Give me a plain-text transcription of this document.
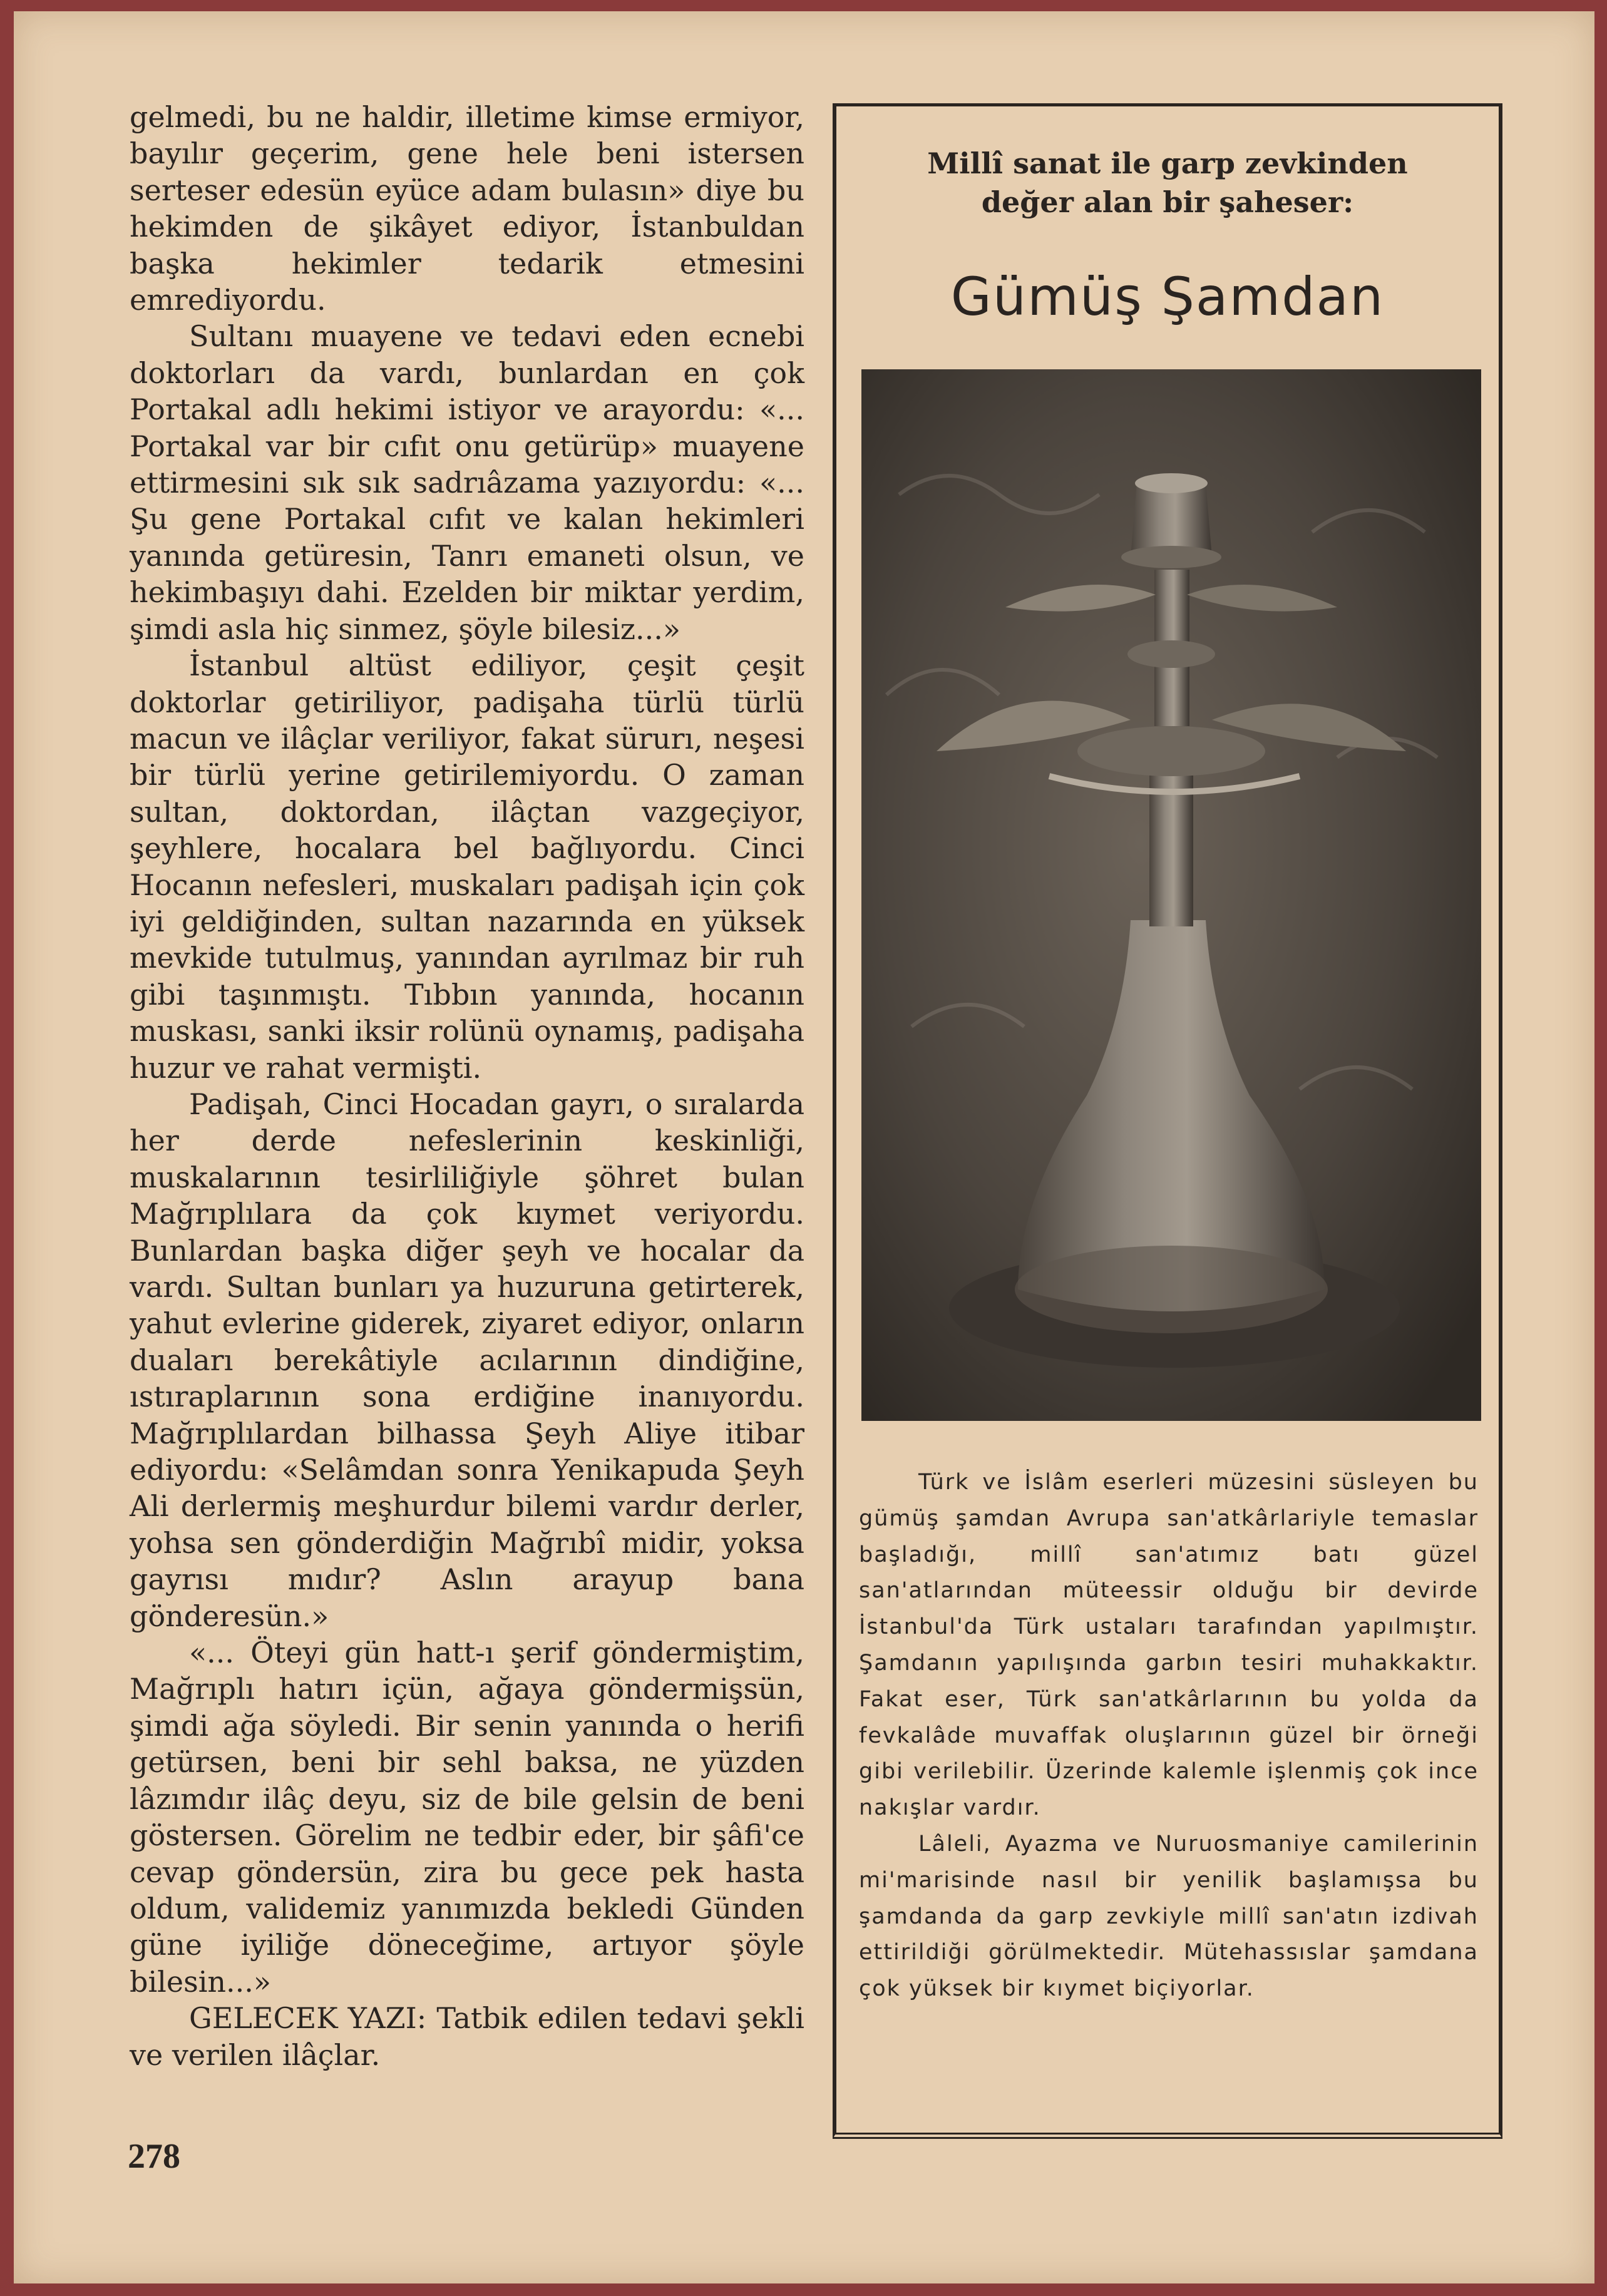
gelmedi, bu ne haldir, illetime kimse ermiyor, bayılır geçerim, gene hele beni istersen serteser edesün eyüce adam bulasın» diye bu hekimden de şikâyet ediyor, İstanbuldan başka hekimler tedarik etmesini emrediyordu.

Sultanı muayene ve tedavi eden ecnebi doktorları da vardı, bunlardan en çok Portakal adlı hekimi istiyor ve arayordu: «... Portakal var bir cıfıt onu getürüp» muayene ettirmesini sık sık sadrıâzama yazıyordu: «... Şu gene Portakal cıfıt ve kalan hekimleri yanında getüresin, Tanrı emaneti olsun, ve hekimbaşıyı dahi. Ezelden bir miktar yerdim, şimdi asla hiç sinmez, şöyle bilesiz...»

İstanbul altüst ediliyor, çeşit çeşit doktorlar getiriliyor, padişaha türlü türlü macun ve ilâçlar veriliyor, fakat sürurı, neşesi bir türlü yerine getirilemiyordu. O zaman sultan, doktordan, ilâçtan vazgeçiyor, şeyhlere, hocalara bel bağlıyordu. Cinci Hocanın nefesleri, muskaları padişah için çok iyi geldiğinden, sultan nazarında en yüksek mevkide tutulmuş, yanından ayrılmaz bir ruh gibi taşınmıştı. Tıbbın yanında, hocanın muskası, sanki iksir rolünü oynamış, padişaha huzur ve rahat vermişti.

Padişah, Cinci Hocadan gayrı, o sıralarda her derde nefeslerinin keskinliği, muskalarının tesirliliğiyle şöhret bulan Mağrıplılara da çok kıymet veriyordu. Bunlardan başka diğer şeyh ve hocalar da vardı. Sultan bunları ya huzuruna getirterek, yahut evlerine giderek, ziyaret ediyor, onların duaları berekâtiyle acılarının dindiğine, ıstıraplarının sona erdiğine inanıyordu. Mağrıplılardan bilhassa Şeyh Aliye itibar ediyordu: «Selâmdan sonra Yenikapuda Şeyh Ali derlermiş meşhurdur bilemi vardır derler, yohsa sen gönderdiğin Mağrıbî midir, yoksa gayrısı mıdır? Aslın arayup bana gönderesün.»

«... Öteyi gün hatt-ı şerif göndermiştim, Mağrıplı hatırı içün, ağaya göndermişsün, şimdi ağa söyledi. Bir senin yanında o herifi getürsen, beni bir sehl baksa, ne yüzden lâzımdır ilâç deyu, siz de bile gelsin de beni göstersen. Görelim ne tedbir eder, bir şâfi'ce cevap göndersün, zira bu gece pek hasta oldum, validemiz yanımızda bekledi Günden güne iyiliğe döneceğime, artıyor şöyle bilesin...»

GELECEK YAZI: Tatbik edilen tedavi şekli ve verilen ilâçlar.

278
Millî sanat ile garp zevkinden
değer alan bir şaheser:
Gümüş Şamdan

Türk ve İslâm eserleri müzesini süsleyen bu gümüş şamdan Avrupa san'atkârlariyle temaslar başladığı, millî san'atımız batı güzel san'atlarından müteessir olduğu bir devirde İstanbul'da Türk ustaları tarafından yapılmıştır. Şamdanın yapılışında garbın tesiri muhakkaktır. Fakat eser, Türk san'atkârlarının bu yolda da fevkalâde muvaffak oluşlarının güzel bir örneği gibi verilebilir. Üzerinde kalemle işlenmiş çok ince nakışlar vardır.

Lâleli, Ayazma ve Nuruosmaniye camilerinin mi'marisinde nasıl bir yenilik başlamışsa bu şamdanda da garp zevkiyle millî san'atın izdivah ettirildiği görülmektedir. Mütehassıslar şamdana çok yüksek bir kıymet biçiyorlar.
